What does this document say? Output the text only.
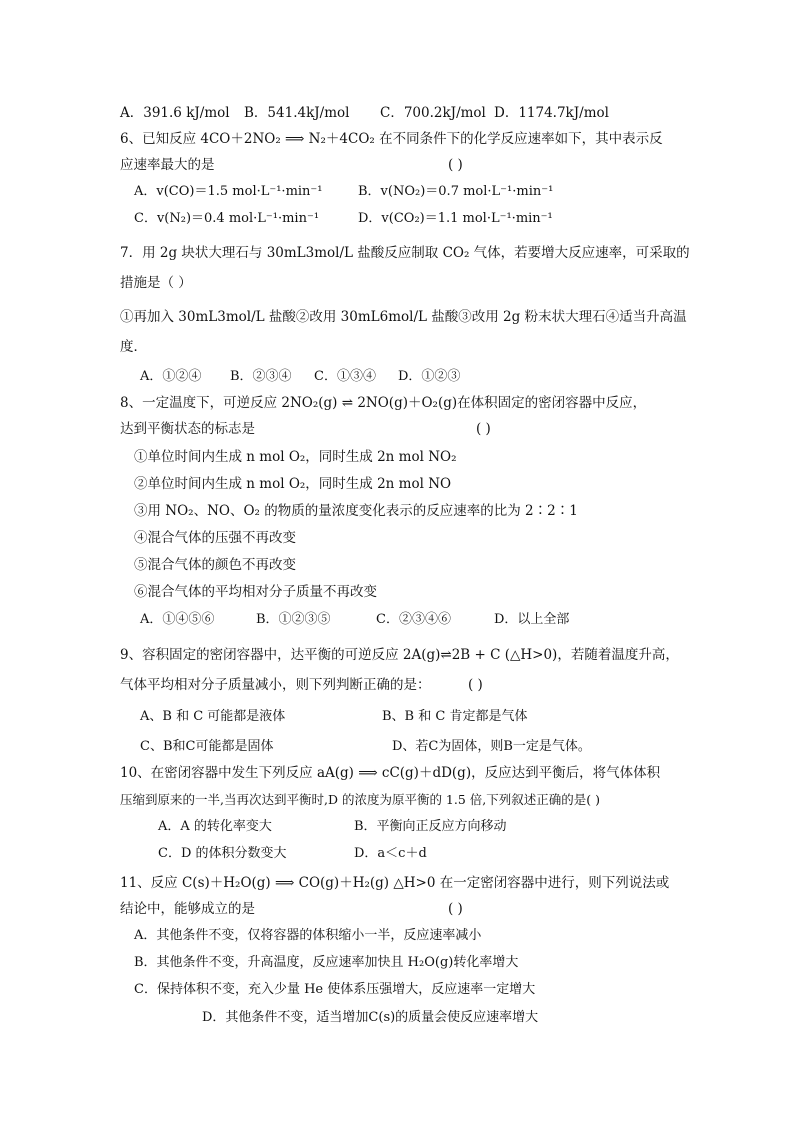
A．391.6 kJ/mol B．541.4kJ/mol C．700.2kJ/mol D．1174.7kJ/mol
6、已知反应 4CO＋2NO₂ ⟹ N₂＋4CO₂ 在不同条件下的化学反应速率如下，其中表示反
应速率最大的是	( )
A．v(CO)＝1.5 mol·L⁻¹·min⁻¹	B．v(NO₂)＝0.7 mol·L⁻¹·min⁻¹
C．v(N₂)＝0.4 mol·L⁻¹·min⁻¹	D．v(CO₂)＝1.1 mol·L⁻¹·min⁻¹
7．用 2g 块状大理石与 30mL3mol/L 盐酸反应制取 CO₂ 气体，若要增大反应速率，可采取的
措施是（ ）
①再加入 30mL3mol/L 盐酸②改用 30mL6mol/L 盐酸③改用 2g 粉末状大理石④适当升高温
度．
A．①②④ B．②③④ C．①③④ D．①②③
8、一定温度下，可逆反应 2NO₂(g) ⇌ 2NO(g)＋O₂(g)在体积固定的密闭容器中反应，
达到平衡状态的标志是	( )
①单位时间内生成 n mol O₂，同时生成 2n mol NO₂
②单位时间内生成 n mol O₂，同时生成 2n mol NO
③用 NO₂、NO、O₂ 的物质的量浓度变化表示的反应速率的比为 2∶2∶1
④混合气体的压强不再改变
⑤混合气体的颜色不再改变
⑥混合气体的平均相对分子质量不再改变
A．①④⑤⑥	B．①②③⑤	C．②③④⑥	D．以上全部
9、容积固定的密闭容器中，达平衡的可逆反应 2A(g)⇌2B + C (△H>0)，若随着温度升高，
气体平均相对分子质量减小，则下列判断正确的是：	( )
A、B 和 C 可能都是液体	B、B 和 C 肯定都是气体
C、B和C可能都是固体	D、若C为固体，则B一定是气体。
10、在密闭容器中发生下列反应 aA(g) ⟹ cC(g)＋dD(g)，反应达到平衡后，将气体体积
压缩到原来的一半,当再次达到平衡时,D 的浓度为原平衡的 1.5 倍,下列叙述正确的是( )
A．A 的转化率变大	B．平衡向正反应方向移动
C．D 的体积分数变大	D．a＜c＋d
11、反应 C(s)＋H₂O(g) ⟹ CO(g)＋H₂(g) △H>0 在一定密闭容器中进行，则下列说法或
结论中，能够成立的是	( )
A．其他条件不变，仅将容器的体积缩小一半，反应速率减小
B．其他条件不变，升高温度，反应速率加快且 H₂O(g)转化率增大
C．保持体积不变，充入少量 He 使体系压强增大，反应速率一定增大
D．其他条件不变，适当增加C(s)的质量会使反应速率增大
